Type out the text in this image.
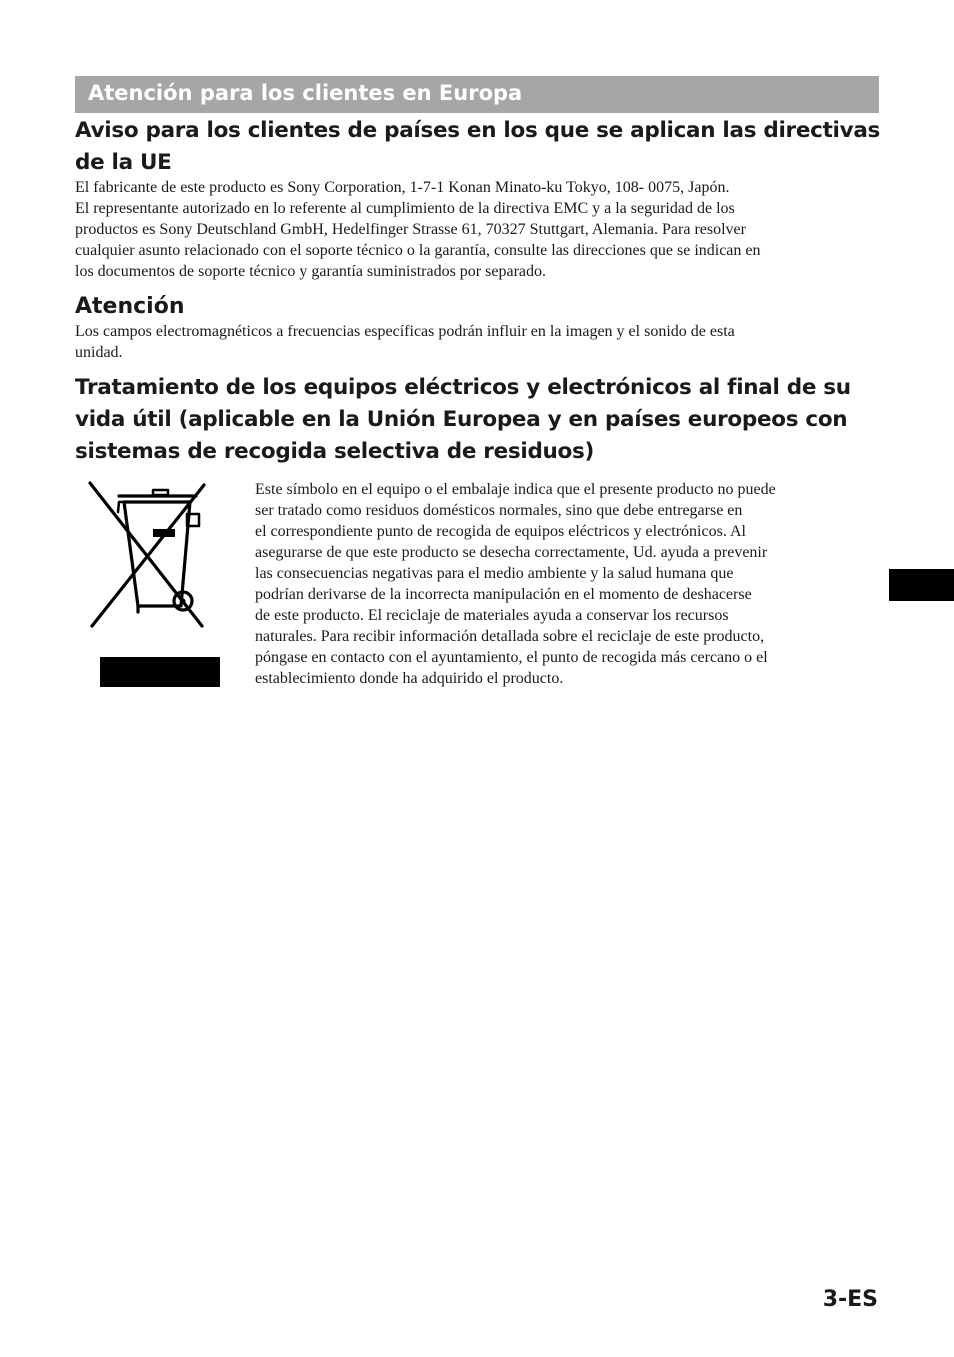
Atención para los clientes en Europa
Aviso para los clientes de países en los que se aplican las directivas
de la UE

El fabricante de este producto es Sony Corporation, 1-7-1 Konan Minato-ku Tokyo, 108- 0075, Japón.
El representante autorizado en lo referente al cumplimiento de la directiva EMC y a la seguridad de los
productos es Sony Deutschland GmbH, Hedelfinger Strasse 61, 70327 Stuttgart, Alemania. Para resolver
cualquier asunto relacionado con el soporte técnico o la garantía, consulte las direcciones que se indican en
los documentos de soporte técnico y garantía suministrados por separado.

Atención

Los campos electromagnéticos a frecuencias específicas podrán influir en la imagen y el sonido de esta
unidad.

Tratamiento de los equipos eléctricos y electrónicos al final de su
vida útil (aplicable en la Unión Europea y en países europeos con
sistemas de recogida selectiva de residuos)

Este símbolo en el equipo o el embalaje indica que el presente producto no puede
ser tratado como residuos domésticos normales, sino que debe entregarse en
el correspondiente punto de recogida de equipos eléctricos y electrónicos. Al
asegurarse de que este producto se desecha correctamente, Ud. ayuda a prevenir
las consecuencias negativas para el medio ambiente y la salud humana que
podrían derivarse de la incorrecta manipulación en el momento de deshacerse
de este producto. El reciclaje de materiales ayuda a conservar los recursos
naturales. Para recibir información detallada sobre el reciclaje de este producto,
póngase en contacto con el ayuntamiento, el punto de recogida más cercano o el
establecimiento donde ha adquirido el producto.

3-ES
